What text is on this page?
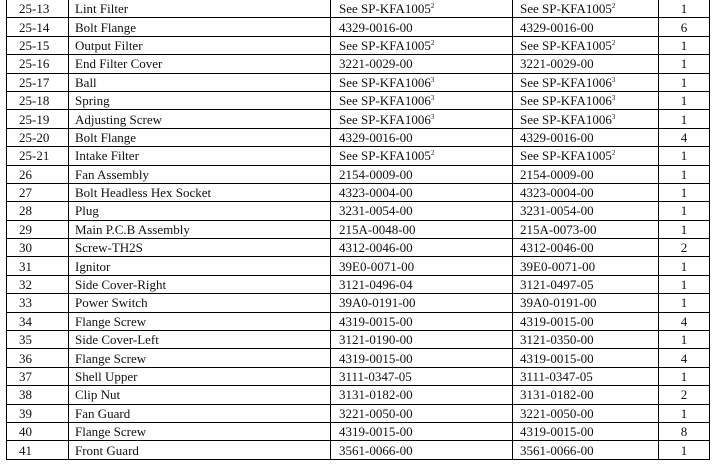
25-13	Lint Filter	See SP-KFA1005$^2$	See SP-KFA1005$^2$	1
25-14	Bolt Flange	4329-0016-00	4329-0016-00	6
25-15	Output Filter	See SP-KFA1005$^2$	See SP-KFA1005$^2$	1
25-16	End Filter Cover	3221-0029-00	3221-0029-00	1
25-17	Ball	See SP-KFA1006$^3$	See SP-KFA1006$^3$	1
25-18	Spring	See SP-KFA1006$^3$	See SP-KFA1006$^3$	1
25-19	Adjusting Screw	See SP-KFA1006$^3$	See SP-KFA1006$^3$	1
25-20	Bolt Flange	4329-0016-00	4329-0016-00	4
25-21	Intake Filter	See SP-KFA1005$^2$	See SP-KFA1005$^2$	1
26	Fan Assembly	2154-0009-00	2154-0009-00	1
27	Bolt Headless Hex Socket	4323-0004-00	4323-0004-00	1
28	Plug	3231-0054-00	3231-0054-00	1
29	Main P.C.B Assembly	215A-0048-00	215A-0073-00	1
30	Screw-TH2S	4312-0046-00	4312-0046-00	2
31	Ignitor	39E0-0071-00	39E0-0071-00	1
32	Side Cover-Right	3121-0496-04	3121-0497-05	1
33	Power Switch	39A0-0191-00	39A0-0191-00	1
34	Flange Screw	4319-0015-00	4319-0015-00	4
35	Side Cover-Left	3121-0190-00	3121-0350-00	1
36	Flange Screw	4319-0015-00	4319-0015-00	4
37	Shell Upper	3111-0347-05	3111-0347-05	1
38	Clip Nut	3131-0182-00	3131-0182-00	2
39	Fan Guard	3221-0050-00	3221-0050-00	1
40	Flange Screw	4319-0015-00	4319-0015-00	8
41	Front Guard	3561-0066-00	3561-0066-00	1
